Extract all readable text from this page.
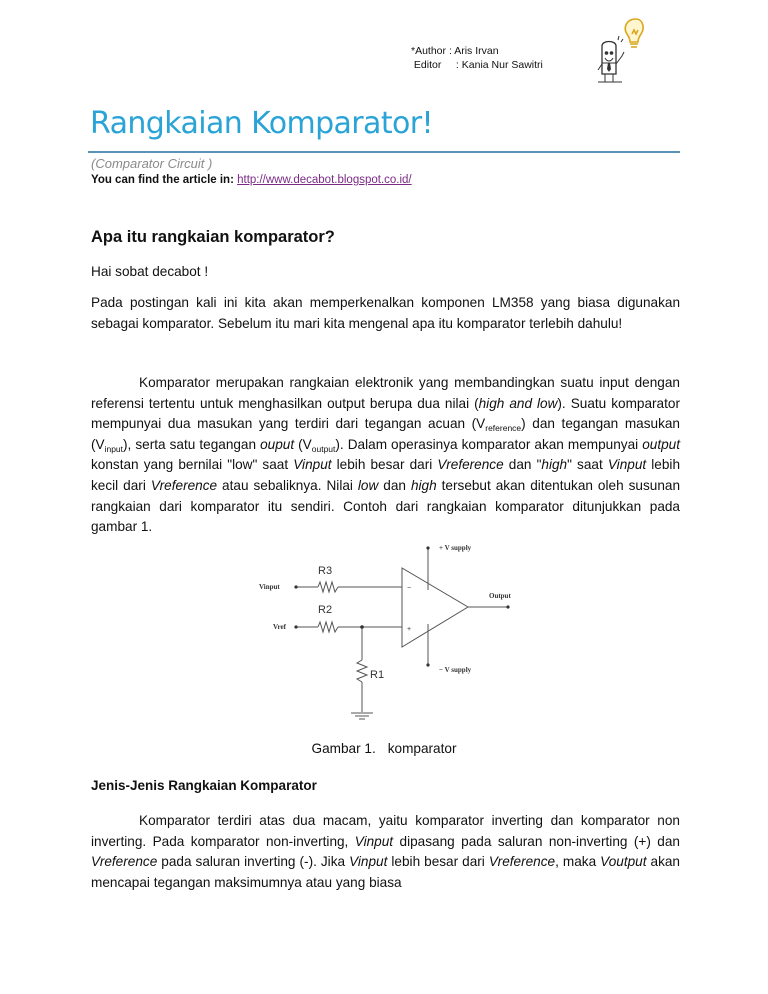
*Author : Aris Irvan
Editor     : Kania Nur Sawitri
Rangkaian Komparator!
(Comparator Circuit )
You can find the article in: http://www.decabot.blogspot.co.id/
Apa itu rangkaian komparator?

Hai sobat decabot !

Pada postingan kali ini kita akan memperkenalkan komponen LM358 yang biasa digunakan sebagai komparator. Sebelum itu mari kita mengenal apa itu komparator terlebih dahulu!

Komparator merupakan rangkaian elektronik yang membandingkan suatu input dengan referensi tertentu untuk menghasilkan output berupa dua nilai (high and low). Suatu komparator mempunyai dua masukan yang terdiri dari tegangan acuan $(V_{reference})$ dan tegangan masukan $(V_{input})$, serta satu tegangan ouput $(V_{output})$. Dalam operasinya komparator akan mempunyai output konstan yang bernilai "low" saat Vinput lebih besar dari Vreference dan "high" saat Vinput lebih kecil dari Vreference atau sebaliknya. Nilai low dan high tersebut akan ditentukan oleh susunan rangkaian dari komparator itu sendiri. Contoh dari rangkaian komparator ditunjukkan pada gambar 1.

Vinput
Vref
+ V supply
− V supply
Output
R3
R2
R1
−
+
Gambar 1. komparator
Jenis-Jenis Rangkaian Komparator

Komparator terdiri atas dua macam, yaitu komparator inverting dan komparator non inverting. Pada komparator non-inverting, Vinput dipasang pada saluran non-inverting (+) dan Vreference pada saluran inverting (-). Jika Vinput lebih besar dari Vreference, maka Voutput akan mencapai tegangan maksimumnya atau yang biasa
